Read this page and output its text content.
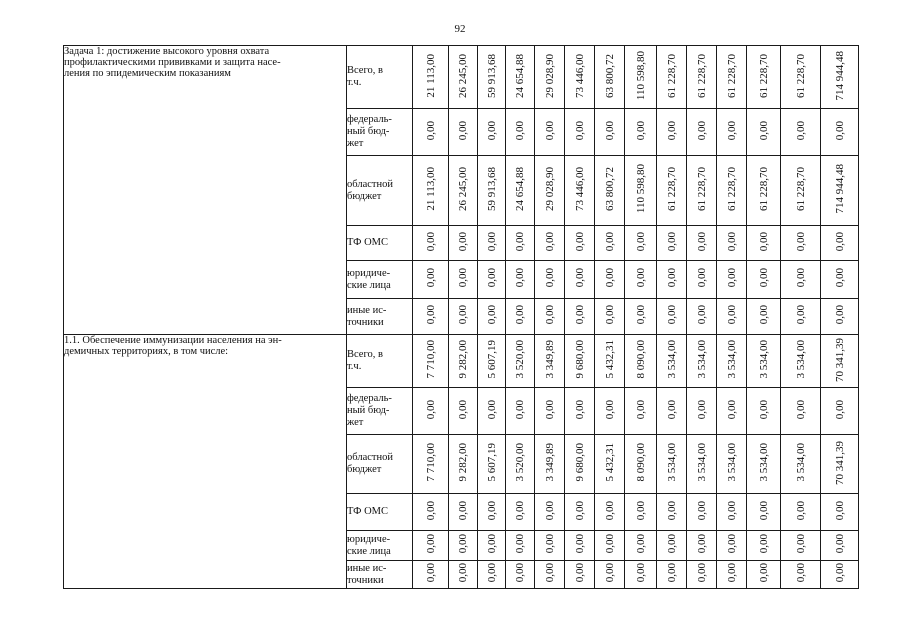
92
Задача 1: достижение высокого уровня охвата
профилактическими прививками и защита насе-
ления по эпидемическим показаниям	Всего, в
т.ч.	21 113,00	26 245,00	59 913,68	24 654,88	29 028,90	73 446,00	63 800,72	110 598,80	61 228,70	61 228,70	61 228,70	61 228,70	61 228,70	714 944,48
	федераль-
ный бюд-
жет	0,00	0,00	0,00	0,00	0,00	0,00	0,00	0,00	0,00	0,00	0,00	0,00	0,00	0,00
	областной
бюджет	21 113,00	26 245,00	59 913,68	24 654,88	29 028,90	73 446,00	63 800,72	110 598,80	61 228,70	61 228,70	61 228,70	61 228,70	61 228,70	714 944,48
	ТФ ОМС	0,00	0,00	0,00	0,00	0,00	0,00	0,00	0,00	0,00	0,00	0,00	0,00	0,00	0,00
	юридиче-
ские лица	0,00	0,00	0,00	0,00	0,00	0,00	0,00	0,00	0,00	0,00	0,00	0,00	0,00	0,00
	иные ис-
точники	0,00	0,00	0,00	0,00	0,00	0,00	0,00	0,00	0,00	0,00	0,00	0,00	0,00	0,00
1.1. Обеспечение иммунизации населения на эн-
демичных территориях, в том числе:	Всего, в
т.ч.	7 710,00	9 282,00	5 607,19	3 520,00	3 349,89	9 680,00	5 432,31	8 090,00	3 534,00	3 534,00	3 534,00	3 534,00	3 534,00	70 341,39
	федераль-
ный бюд-
жет	0,00	0,00	0,00	0,00	0,00	0,00	0,00	0,00	0,00	0,00	0,00	0,00	0,00	0,00
	областной
бюджет	7 710,00	9 282,00	5 607,19	3 520,00	3 349,89	9 680,00	5 432,31	8 090,00	3 534,00	3 534,00	3 534,00	3 534,00	3 534,00	70 341,39
	ТФ ОМС	0,00	0,00	0,00	0,00	0,00	0,00	0,00	0,00	0,00	0,00	0,00	0,00	0,00	0,00
	юридиче-
ские лица	0,00	0,00	0,00	0,00	0,00	0,00	0,00	0,00	0,00	0,00	0,00	0,00	0,00	0,00
	иные ис-
точники	0,00	0,00	0,00	0,00	0,00	0,00	0,00	0,00	0,00	0,00	0,00	0,00	0,00	0,00
